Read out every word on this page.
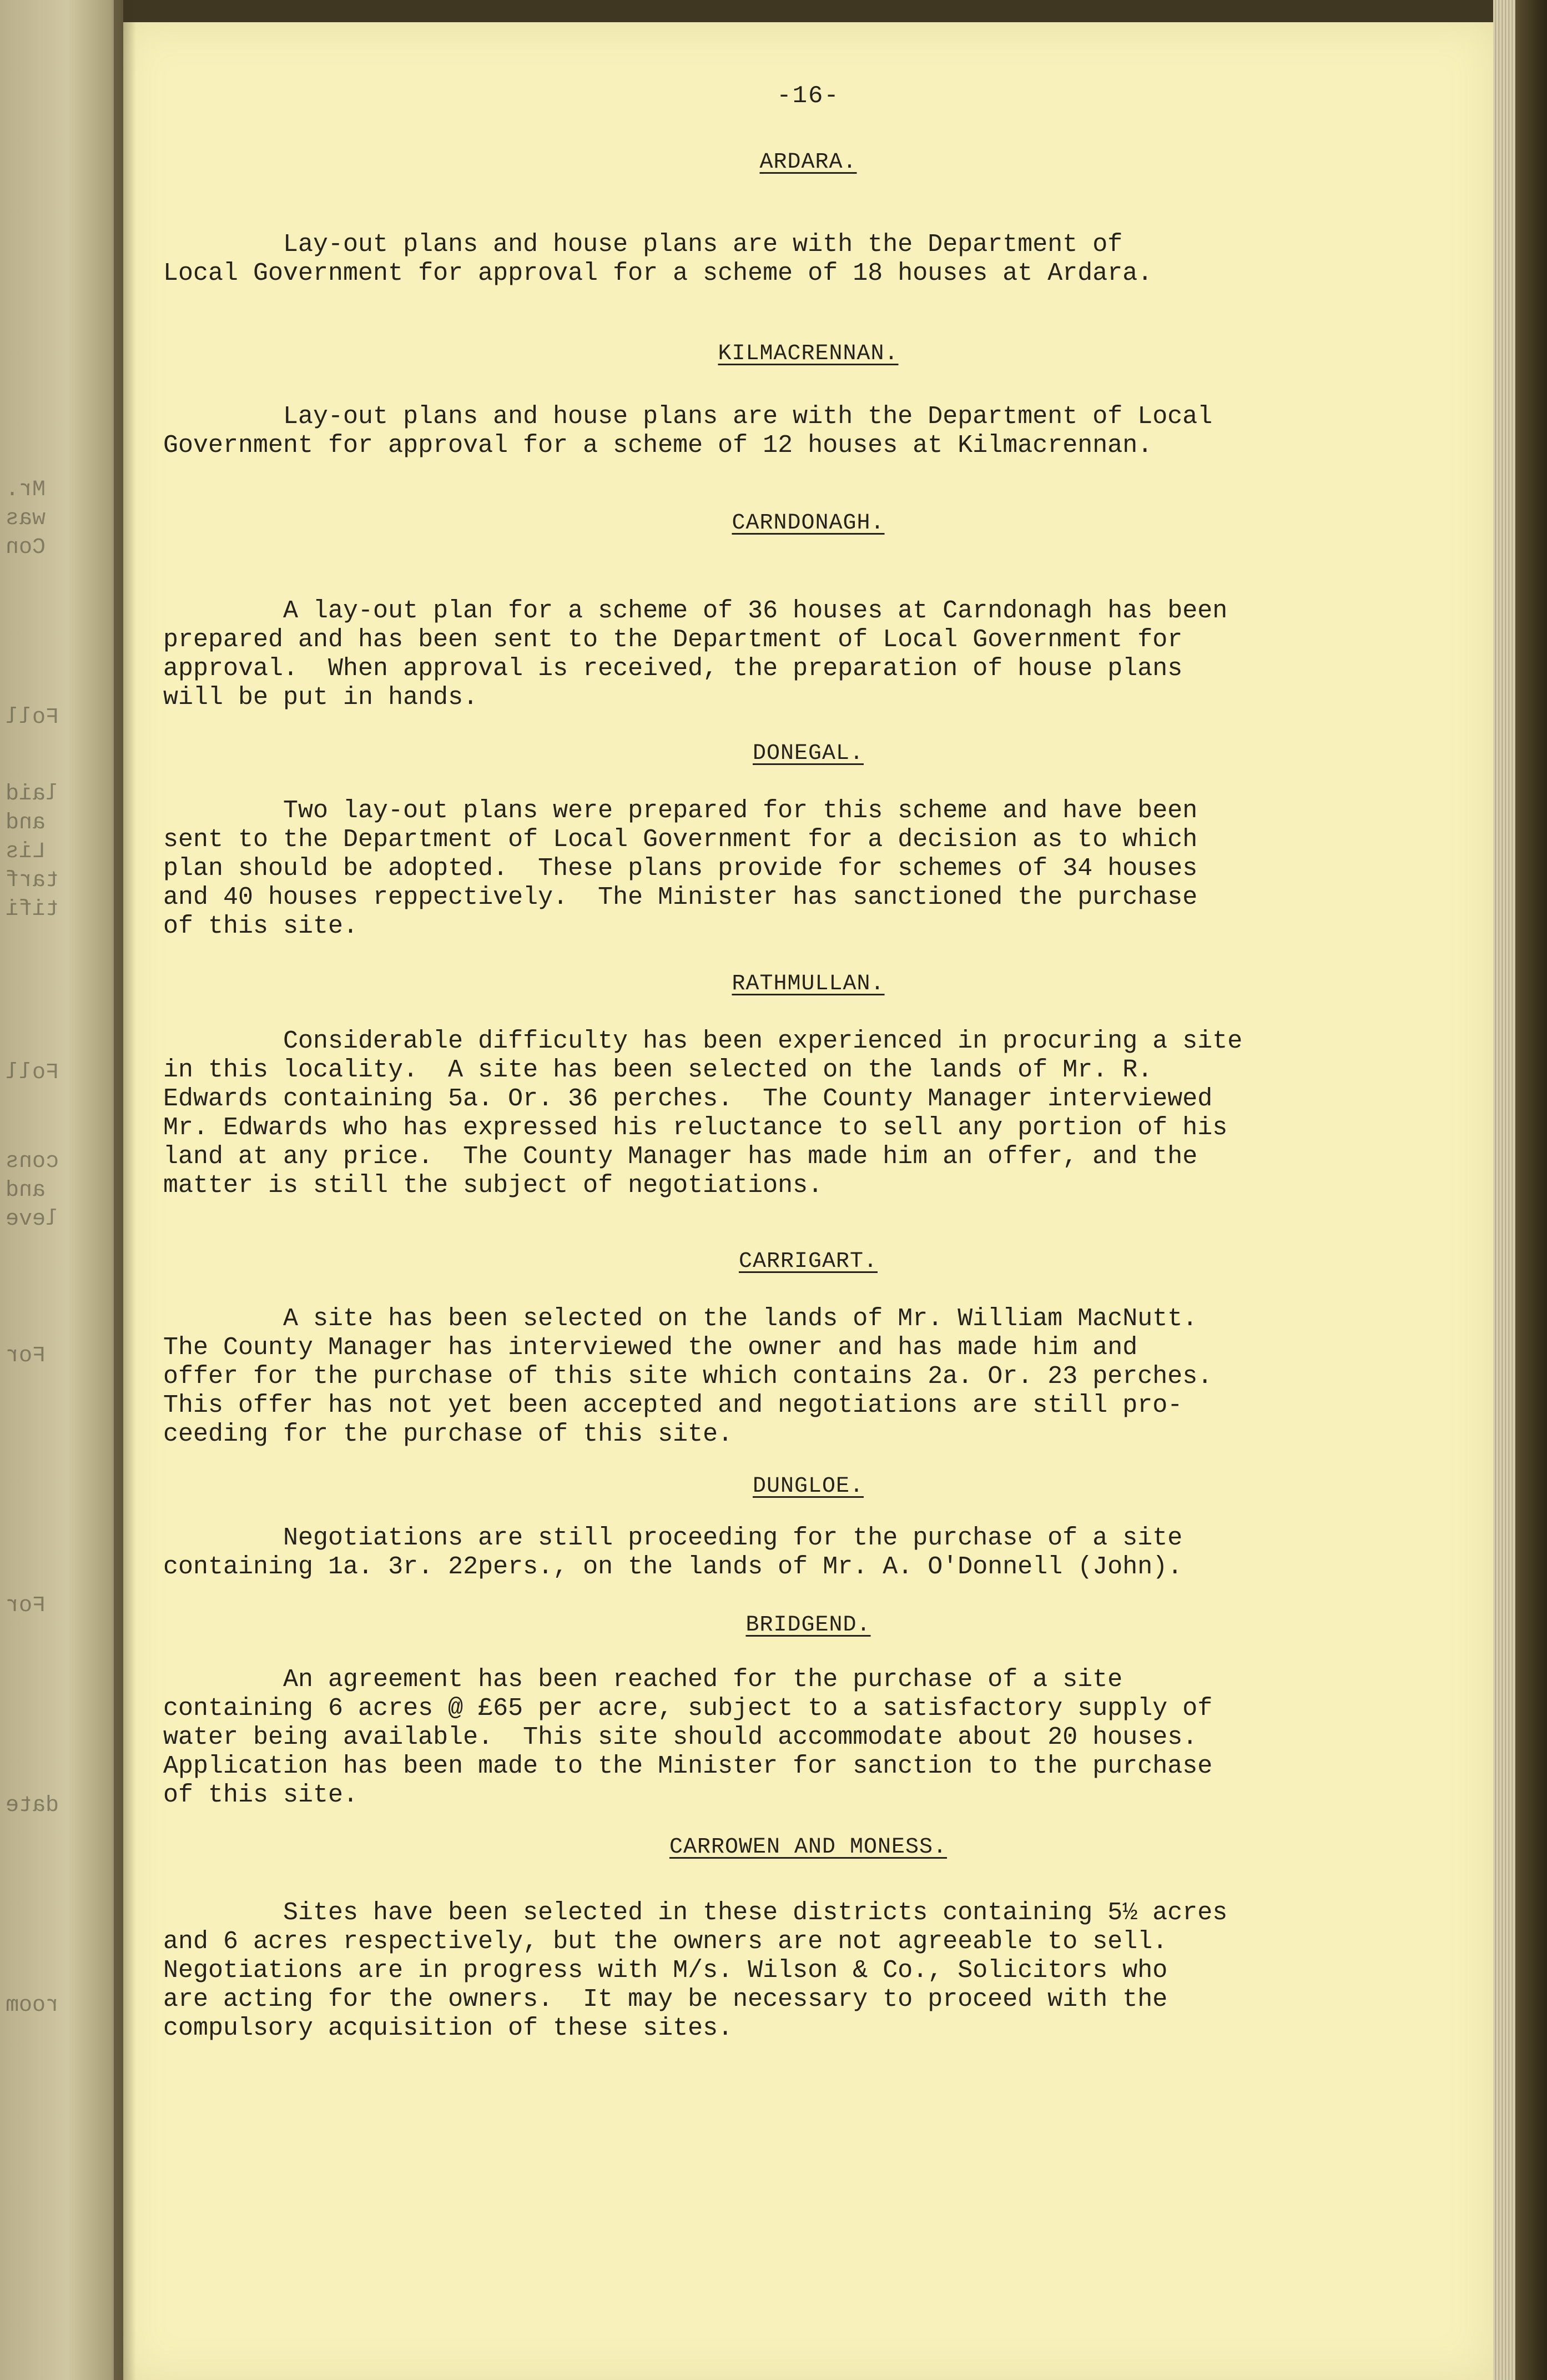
Mr.
was
Con
Foll
laid
and
Lis
tarf
tifi
Foll
cons
and
leve
For
For
date
room
-16-
ARDARA.

Lay-out plans and house plans are with the Department of
Local Government for approval for a scheme of 18 houses at Ardara.

KILMACRENNAN.

Lay-out plans and house plans are with the Department of Local
Government for approval for a scheme of 12 houses at Kilmacrennan.

CARNDONAGH.

A lay-out plan for a scheme of 36 houses at Carndonagh has been
prepared and has been sent to the Department of Local Government for
approval.  When approval is received, the preparation of house plans
will be put in hands.

DONEGAL.

Two lay-out plans were prepared for this scheme and have been
sent to the Department of Local Government for a decision as to which
plan should be adopted.  These plans provide for schemes of 34 houses
and 40 houses reppectively.  The Minister has sanctioned the purchase
of this site.

RATHMULLAN.

Considerable difficulty has been experienced in procuring a site
in this locality.  A site has been selected on the lands of Mr. R.
Edwards containing 5a. Or. 36 perches.  The County Manager interviewed
Mr. Edwards who has expressed his reluctance to sell any portion of his
land at any price.  The County Manager has made him an offer, and the
matter is still the subject of negotiations.

CARRIGART.

A site has been selected on the lands of Mr. William MacNutt.
The County Manager has interviewed the owner and has made him and
offer for the purchase of this site which contains 2a. Or. 23 perches.
This offer has not yet been accepted and negotiations are still pro-
ceeding for the purchase of this site.

DUNGLOE.

Negotiations are still proceeding for the purchase of a site
containing 1a. 3r. 22pers., on the lands of Mr. A. O'Donnell (John).

BRIDGEND.

An agreement has been reached for the purchase of a site
containing 6 acres @ £65 per acre, subject to a satisfactory supply of
water being available.  This site should accommodate about 20 houses.
Application has been made to the Minister for sanction to the purchase
of this site.

CARROWEN AND MONESS.

Sites have been selected in these districts containing 5½ acres
and 6 acres respectively, but the owners are not agreeable to sell.
Negotiations are in progress with M/s. Wilson & Co., Solicitors who
are acting for the owners.  It may be necessary to proceed with the
compulsory acquisition of these sites.
